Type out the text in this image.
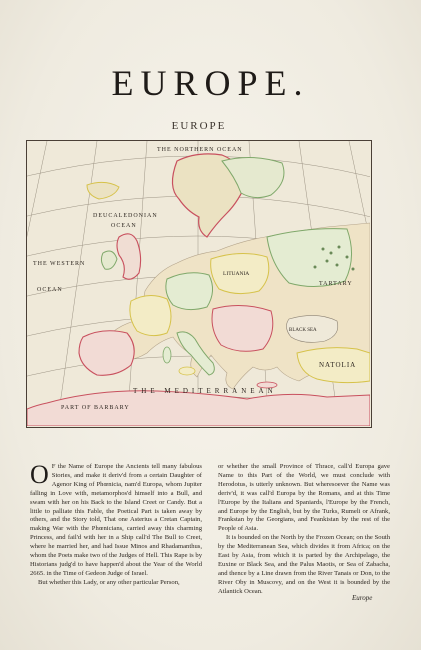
EUROPE.
EUROPE
THE NORTHERN OCEAN
DEUCALEDONIAN
OCEAN
THE WESTERN
OCEAN
LITUANIA
TARTARY
NATOLIA
THE MEDITERRANEAN
PART OF BARBARY
BLACK SEA

O F the Name of Europe the Ancients tell many fabulous Stories, and make it deriv'd from a certain Daughter of Agenor King of Phœnicia, nam'd Europa, whom Jupiter falling in Love with, metamorphos'd himself into a Bull, and swam with her on his Back to the Island Creet or Candy. But a little to palliate this Fable, the Poetical Part is taken away by others, and the Story told, That one Asterius a Cretan Captain, making War with the Phœnicians, carried away this charming Princess, and fail'd with her in a Ship call'd The Bull to Creet, where he married her, and had Issue Minos and Rhadamanthus, whom the Poets make two of the Judges of Hell. This Rape is by Historians judg'd to have happen'd about the Year of the World 2665. in the Time of Gedeon Judge of Israel.

But whether this Lady, or any other particular Person,

or whether the small Province of Thrace, call'd Europa gave Name to this Part of the World, we must conclude with Herodotus, is utterly unknown. But wheresoever the Name was deriv'd, it was call'd Europa by the Romans, and at this Time l'Europe by the Italians and Spaniards, l'Europe by the French, and Europe by the English, but by the Turks, Rumeli or Afrank, Frankstan by the Georgians, and Feankistan by the rest of the People of Asia.

It is bounded on the North by the Frozen Ocean; on the South by the Mediterranean Sea, which divides it from Africa; on the East by Asia, from which it is parted by the Archipelago, the Euxine or Black Sea, and the Palus Maotis, or Sea of Zabacha, and thence by a Line drawn from the River Tanais or Don, to the River Oby in Muscovy, and on the West it is bounded by the Atlantick Ocean.

Europe
